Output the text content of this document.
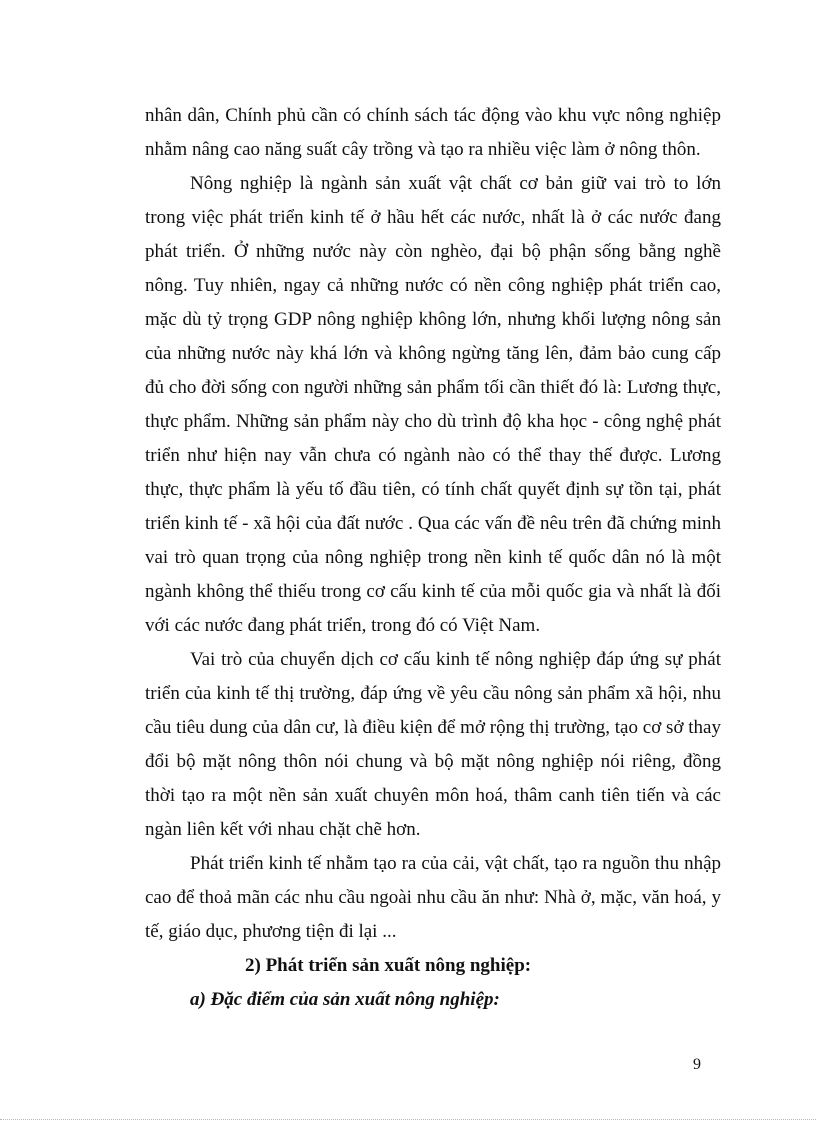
nhân dân, Chính phủ cần có chính sách tác động vào khu vực nông nghiệp nhằm nâng cao năng suất cây trồng và tạo ra nhiều việc làm ở nông thôn.

Nông nghiệp là ngành sản xuất vật chất cơ bản giữ vai trò to lớn trong việc phát triển kinh tế ở hầu hết các nước, nhất là ở các nước đang phát triển. Ở những nước này còn nghèo, đại bộ phận sống bằng nghề nông. Tuy nhiên, ngay cả những nước có nền công nghiệp phát triển cao, mặc dù tỷ trọng GDP nông nghiệp không lớn, nhưng khối lượng nông sản của những nước này khá lớn và không ngừng tăng lên, đảm bảo cung cấp đủ cho đời sống con người những sản phẩm tối cần thiết đó là: Lương thực, thực phẩm. Những sản phẩm này cho dù trình độ kha học - công nghệ phát triển như hiện nay vẫn chưa có ngành nào có thể thay thế được. Lương thực, thực phẩm là yếu tố đầu tiên, có tính chất quyết định sự tồn tại, phát triển kinh tế - xã hội của đất nước . Qua các vấn đề nêu trên đã chứng minh vai trò quan trọng của nông nghiệp trong nền kinh tế quốc dân nó là một ngành không thể thiếu trong cơ cấu kinh tế của mỗi quốc gia và nhất là đối với các nước đang phát triển, trong đó có Việt Nam.

Vai trò của chuyển dịch cơ cấu kinh tế nông nghiệp đáp ứng sự phát triển của kinh tế thị trường, đáp ứng về yêu cầu nông sản phẩm xã hội, nhu cầu tiêu dung của dân cư, là điều kiện để mở rộng thị trường, tạo cơ sở thay đổi bộ mặt nông thôn nói chung và bộ mặt nông nghiệp nói riêng, đồng thời tạo ra một nền sản xuất chuyên môn hoá, thâm canh tiên tiến và các ngàn liên kết với nhau chặt chẽ hơn.

Phát triển kinh tế nhằm tạo ra của cải, vật chất, tạo ra nguồn thu nhập cao để thoả mãn các nhu cầu ngoài nhu cầu ăn như: Nhà ở, mặc, văn hoá, y tế, giáo dục, phương tiện đi lại ...

2) Phát triển sản xuất nông nghiệp:

a) Đặc điểm của sản xuất nông nghiệp:

9
